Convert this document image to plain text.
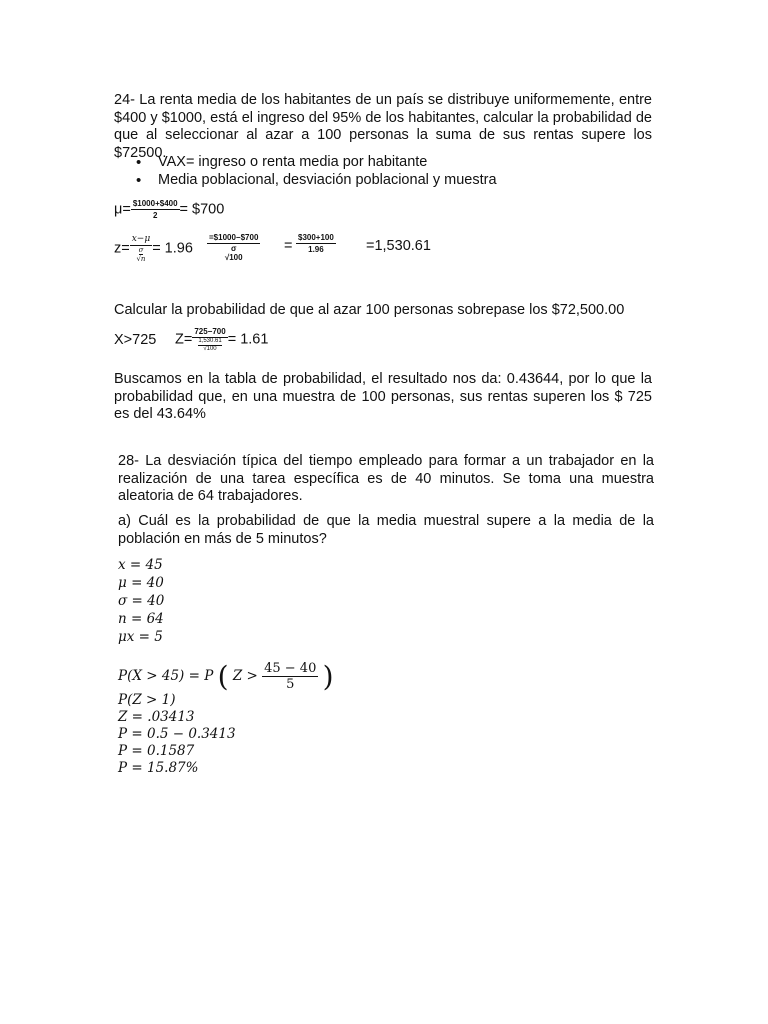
24- La renta media de los habitantes de un país se distribuye uniformemente, entre $400 y $1000, está el ingreso del 95% de los habitantes, calcular la probabilidad de que al seleccionar al azar a 100 personas la suma de sus rentas supere los $72500.
• VAX= ingreso o renta media por habitante
• Media poblacional, desviación poblacional y muestra
$\mu= \frac{\$1000+\$400}{2}$ = $700
z= x−μ
σ
√n = 1.96 =$1000−$700
σ
$√100 = \frac{\$300+100}{1.96} =1,530.61$
Calcular la probabilidad de que al azar 100 personas sobrepase los $72,500.00
X>725 Z= 725−700
1,530.61
√100 = 1.61
Buscamos en la tabla de probabilidad, el resultado nos da: 0.43644, por lo que la probabilidad que, en una muestra de 100 personas, sus rentas superen los $ 725 es del 43.64%
28- La desviación típica del tiempo empleado para formar a un trabajador en la realización de una tarea específica es de 40 minutos. Se toma una muestra aleatoria de 64 trabajadores.
a) Cuál es la probabilidad de que la media muestral supere a la media de la población en más de 5 minutos?
x = 45
μ = 40
σ = 40
n = 64
μx = 5
P(X > 45) = P ( $Z > \frac{45 - 40}{5}$ )
P(Z > 1)
Z = .03413
P = 0.5 − 0.3413
P = 0.1587
P = 15.87%
